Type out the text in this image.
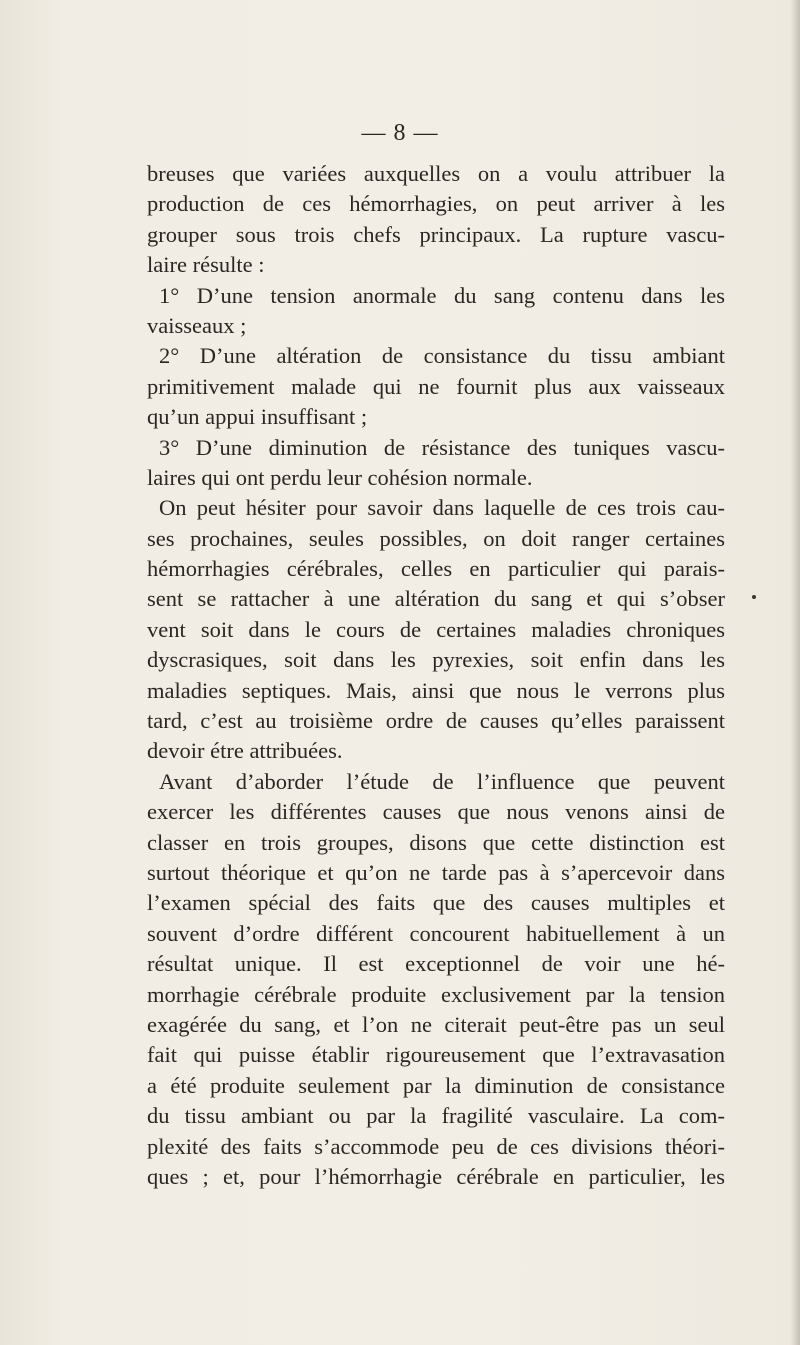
— 8 —
breuses que variées auxquelles on a voulu attribuer la
production de ces hémorrhagies, on peut arriver à les
grouper sous trois chefs principaux. La rupture vascu-
laire résulte :
1° D’une tension anormale du sang contenu dans les
vaisseaux ;
2° D’une altération de consistance du tissu ambiant
primitivement malade qui ne fournit plus aux vaisseaux
qu’un appui insuffisant ;
3° D’une diminution de résistance des tuniques vascu-
laires qui ont perdu leur cohésion normale.
On peut hésiter pour savoir dans laquelle de ces trois cau-
ses prochaines, seules possibles, on doit ranger certaines
hémorrhagies cérébrales, celles en particulier qui parais-
sent se rattacher à une altération du sang et qui s’obser
vent soit dans le cours de certaines maladies chroniques
dyscrasiques, soit dans les pyrexies, soit enfin dans les
maladies septiques. Mais, ainsi que nous le verrons plus
tard, c’est au troisième ordre de causes qu’elles paraissent
devoir étre attribuées.
Avant d’aborder l’étude de l’influence que peuvent
exercer les différentes causes que nous venons ainsi de
classer en trois groupes, disons que cette distinction est
surtout théorique et qu’on ne tarde pas à s’apercevoir dans
l’examen spécial des faits que des causes multiples et
souvent d’ordre différent concourent habituellement à un
résultat unique. Il est exceptionnel de voir une hé-
morrhagie cérébrale produite exclusivement par la tension
exagérée du sang, et l’on ne citerait peut-être pas un seul
fait qui puisse établir rigoureusement que l’extravasation
a été produite seulement par la diminution de consistance
du tissu ambiant ou par la fragilité vasculaire. La com-
plexité des faits s’accommode peu de ces divisions théori-
ques ; et, pour l’hémorrhagie cérébrale en particulier, les
